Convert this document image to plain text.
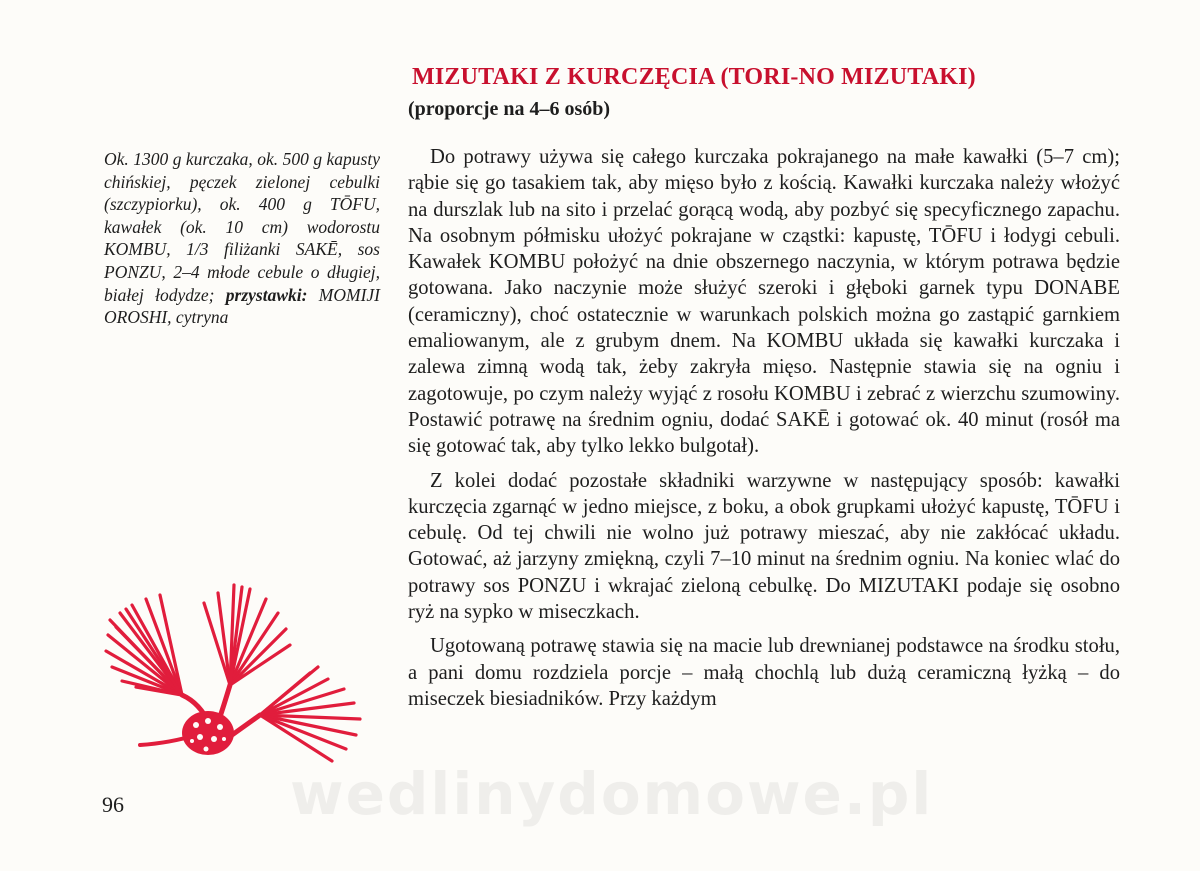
MIZUTAKI Z KURCZĘCIA (TORI-NO MIZUTAKI)
(proporcje na 4–6 osób)

Ok. 1300 g kurczaka, ok. 500 g kapusty chińskiej, pęczek zielonej cebulki (szczypiorku), ok. 400 g TŌFU, kawałek (ok. 10 cm) wodorostu KOMBU, 1/3 filiżanki SAKĒ, sos PONZU, 2–4 młode cebule o długiej, białej łodydze; przystawki: MOMIJI OROSHI, cytryna

Do potrawy używa się całego kurczaka pokrajanego na małe kawałki (5–7 cm); rąbie się go tasakiem tak, aby mięso było z kością. Kawałki kurczaka należy włożyć na durszlak lub na sito i przelać gorącą wodą, aby pozbyć się specyficznego zapachu. Na osobnym półmisku ułożyć pokrajane w cząstki: kapustę, TŌFU i łodygi cebuli. Kawałek KOMBU położyć na dnie obszernego naczynia, w którym potrawa będzie gotowana. Jako naczynie może służyć szeroki i głęboki garnek typu DONABE (ceramiczny), choć ostatecznie w warunkach polskich można go zastąpić garnkiem emaliowanym, ale z grubym dnem. Na KOMBU układa się kawałki kurczaka i zalewa zimną wodą tak, żeby zakryła mięso. Następnie stawia się na ogniu i zagotowuje, po czym należy wyjąć z rosołu KOMBU i zebrać z wierzchu szumowiny. Postawić potrawę na średnim ogniu, dodać SAKĒ i gotować ok. 40 minut (rosół ma się gotować tak, aby tylko lekko bulgotał).

Z kolei dodać pozostałe składniki warzywne w następujący sposób: kawałki kurczęcia zgarnąć w jedno miejsce, z boku, a obok grupkami ułożyć kapustę, TŌFU i cebulę. Od tej chwili nie wolno już potrawy mieszać, aby nie zakłócać układu. Gotować, aż jarzyny zmiękną, czyli 7–10 minut na średnim ogniu. Na koniec wlać do potrawy sos PONZU i wkrajać zieloną cebulkę. Do MIZUTAKI podaje się osobno ryż na sypko w miseczkach.

Ugotowaną potrawę stawia się na macie lub drewnianej podstawce na środku stołu, a pani domu rozdziela porcje – małą chochlą lub dużą ceramiczną łyżką – do miseczek biesiadników. Przy każdym

96	wedlinydomowe.pl
